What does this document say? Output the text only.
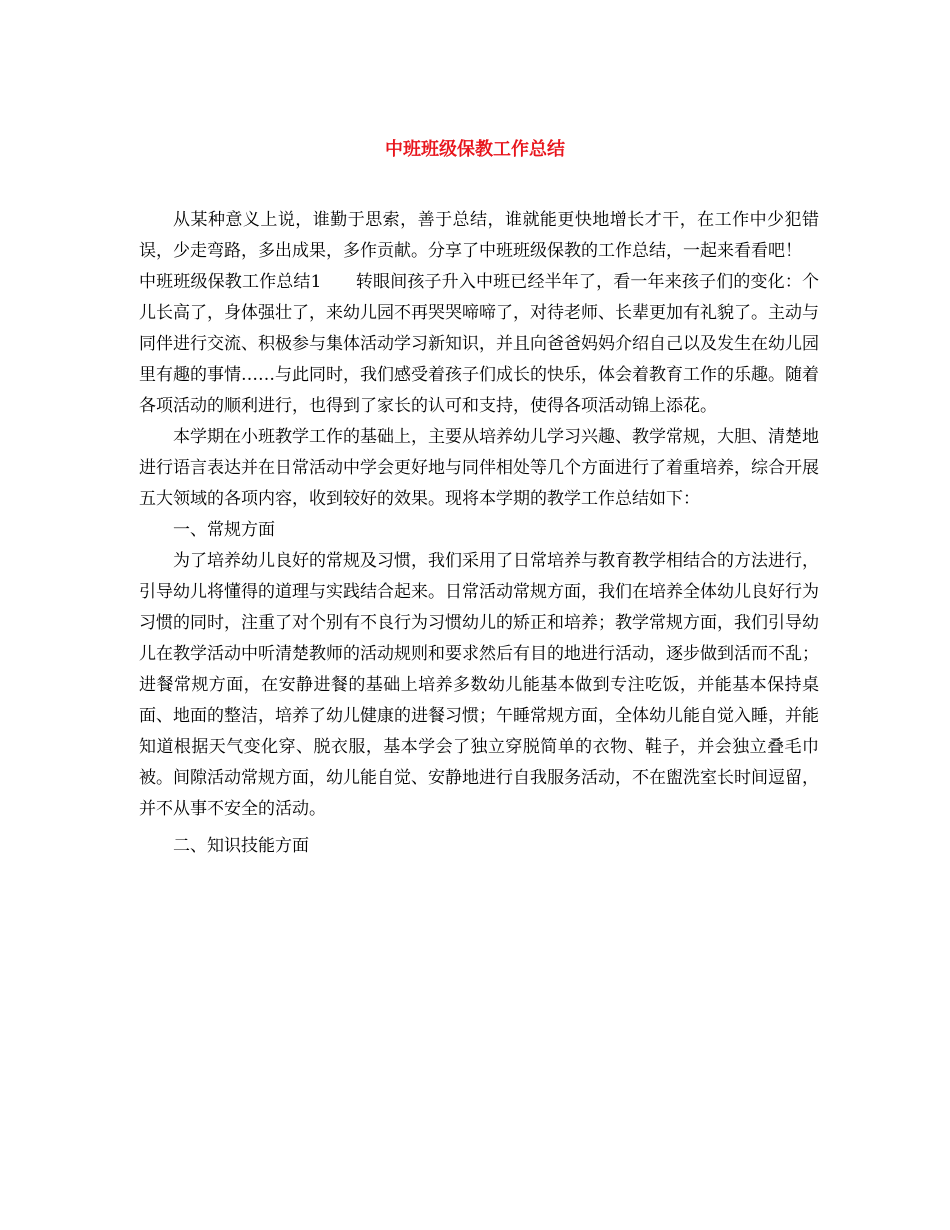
中班班级保教工作总结

从某种意义上说，谁勤于思索，善于总结，谁就能更快地增长才干，在工作中少犯错误，少走弯路，多出成果，多作贡献。分享了中班班级保教的工作总结，一起来看看吧！

中班班级保教工作总结1　　转眼间孩子升入中班已经半年了，看一年来孩子们的变化：个儿长高了，身体强壮了，来幼儿园不再哭哭啼啼了，对待老师、长辈更加有礼貌了。主动与同伴进行交流、积极参与集体活动学习新知识，并且向爸爸妈妈介绍自己以及发生在幼儿园里有趣的事情……与此同时，我们感受着孩子们成长的快乐，体会着教育工作的乐趣。随着各项活动的顺利进行，也得到了家长的认可和支持，使得各项活动锦上添花。

本学期在小班教学工作的基础上，主要从培养幼儿学习兴趣、教学常规，大胆、清楚地进行语言表达并在日常活动中学会更好地与同伴相处等几个方面进行了着重培养，综合开展五大领域的各项内容，收到较好的效果。现将本学期的教学工作总结如下：

一、常规方面

为了培养幼儿良好的常规及习惯，我们采用了日常培养与教育教学相结合的方法进行，引导幼儿将懂得的道理与实践结合起来。日常活动常规方面，我们在培养全体幼儿良好行为习惯的同时，注重了对个别有不良行为习惯幼儿的矫正和培养；教学常规方面，我们引导幼儿在教学活动中听清楚教师的活动规则和要求然后有目的地进行活动，逐步做到活而不乱；进餐常规方面，在安静进餐的基础上培养多数幼儿能基本做到专注吃饭，并能基本保持桌面、地面的整洁，培养了幼儿健康的进餐习惯；午睡常规方面，全体幼儿能自觉入睡，并能知道根据天气变化穿、脱衣服，基本学会了独立穿脱简单的衣物、鞋子，并会独立叠毛巾被。间隙活动常规方面，幼儿能自觉、安静地进行自我服务活动，不在盥洗室长时间逗留，并不从事不安全的活动。

二、知识技能方面
